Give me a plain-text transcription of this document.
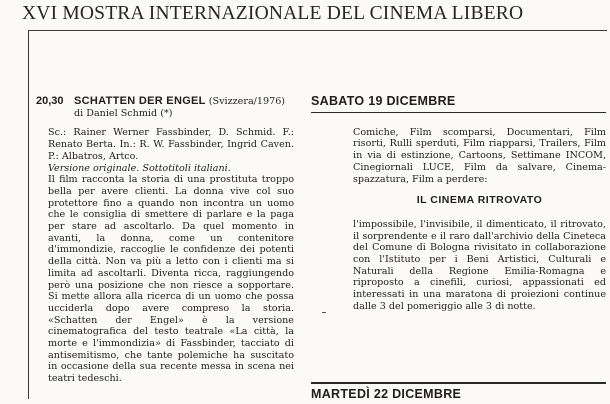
XVI MOSTRA INTERNAZIONALE DEL CINEMA LIBERO
20,30 SCHATTEN DER ENGEL (Svizzera/1976) di Daniel Schmid (*)
Sc.: Rainer Werner Fassbinder, D. Schmid. F.: Renato Berta. In.: R. W. Fassbinder, Ingrid Caven. P.: Albatros, Artco.
Versione originale. Sottotitoli italiani.
Il film racconta la storia di una prostituta troppo bella per avere clienti. La donna vive col suo protettore fino a quando non incontra un uomo che le consiglia di smettere di parlare e la paga per stare ad ascoltarlo. Da quel momento in avanti, la donna, come un contenitore d'immondizie, raccoglie le confidenze dei potenti della città. Non va più a letto con i clienti ma si limita ad ascoltarli. Diventa ricca, raggiungendo però una posizione che non riesce a sopportare. Si mette allora alla ricerca di un uomo che possa ucciderla dopo avere compreso la storia. «Schatten der Engel» è la versione cinematografica del testo teatrale «La città, la morte e l'immondizia» di Fassbinder, tacciato di antisemitismo, che tante polemiche ha suscitato in occasione della sua recente messa in scena nei teatri tedeschi.
SABATO 19 DICEMBRE
Comiche, Film scomparsi, Documentari, Film risorti, Rulli sperduti, Film riapparsi, Trailers, Film in via di estinzione, Cartoons, Settimane INCOM, Cinegiornali LUCE, Film da salvare, Cinema-spazzatura, Film a perdere:
IL CINEMA RITROVATO
l'impossibile, l'invisibile, il dimenticato, il ritrovato, il sorprendente e il raro dall'archivio della Cineteca del Comune di Bologna rivisitato in collaborazione con l'Istituto per i Beni Artistici, Culturali e Naturali della Regione Emilia-Romagna e riproposto a cinefili, curiosi, appassionati ed interessati in una maratona di proiezioni continue dalle 3 del pomeriggio alle 3 di notte.
MARTEDÌ 22 DICEMBRE
